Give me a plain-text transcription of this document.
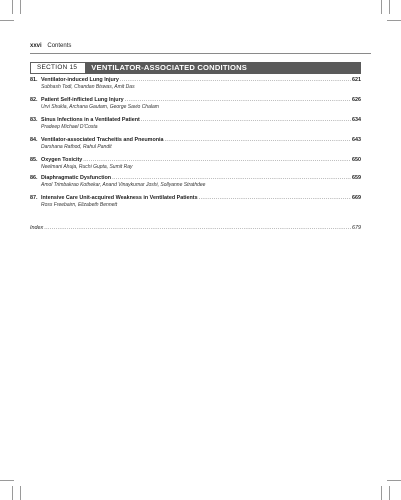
xxvi Contents
SECTION 15	VENTILATOR-ASSOCIATED CONDITIONS
81. Ventilator-induced Lung Injury .....	621
Subhash Todi, Chandan Biswas, Amit Das
82. Patient Self-inflicted Lung Injury .....	626
Urvi Shukla, Archana Gautam, George Savio Chalam
83. Sinus Infections in a Ventilated Patient .....	634
Pradeep Michael D'Costa
84. Ventilator-associated Tracheitis and Pneumonia .....	643
Darshana Rathod, Rahul Pandit
85. Oxygen Toxicity .....	650
Neelmani Ahuja, Ruchi Gupta, Sumit Ray
86. Diaphragmatic Dysfunction .....	659
Amol Trimbakrao Kothekar, Anand Vinaykumar Joshi, Sollyanne Strathdee
87. Intensive Care Unit-acquired Weakness in Ventilated Patients .....	669
Ross Freebairn, Elizabeth Bennett
Index .....	679
